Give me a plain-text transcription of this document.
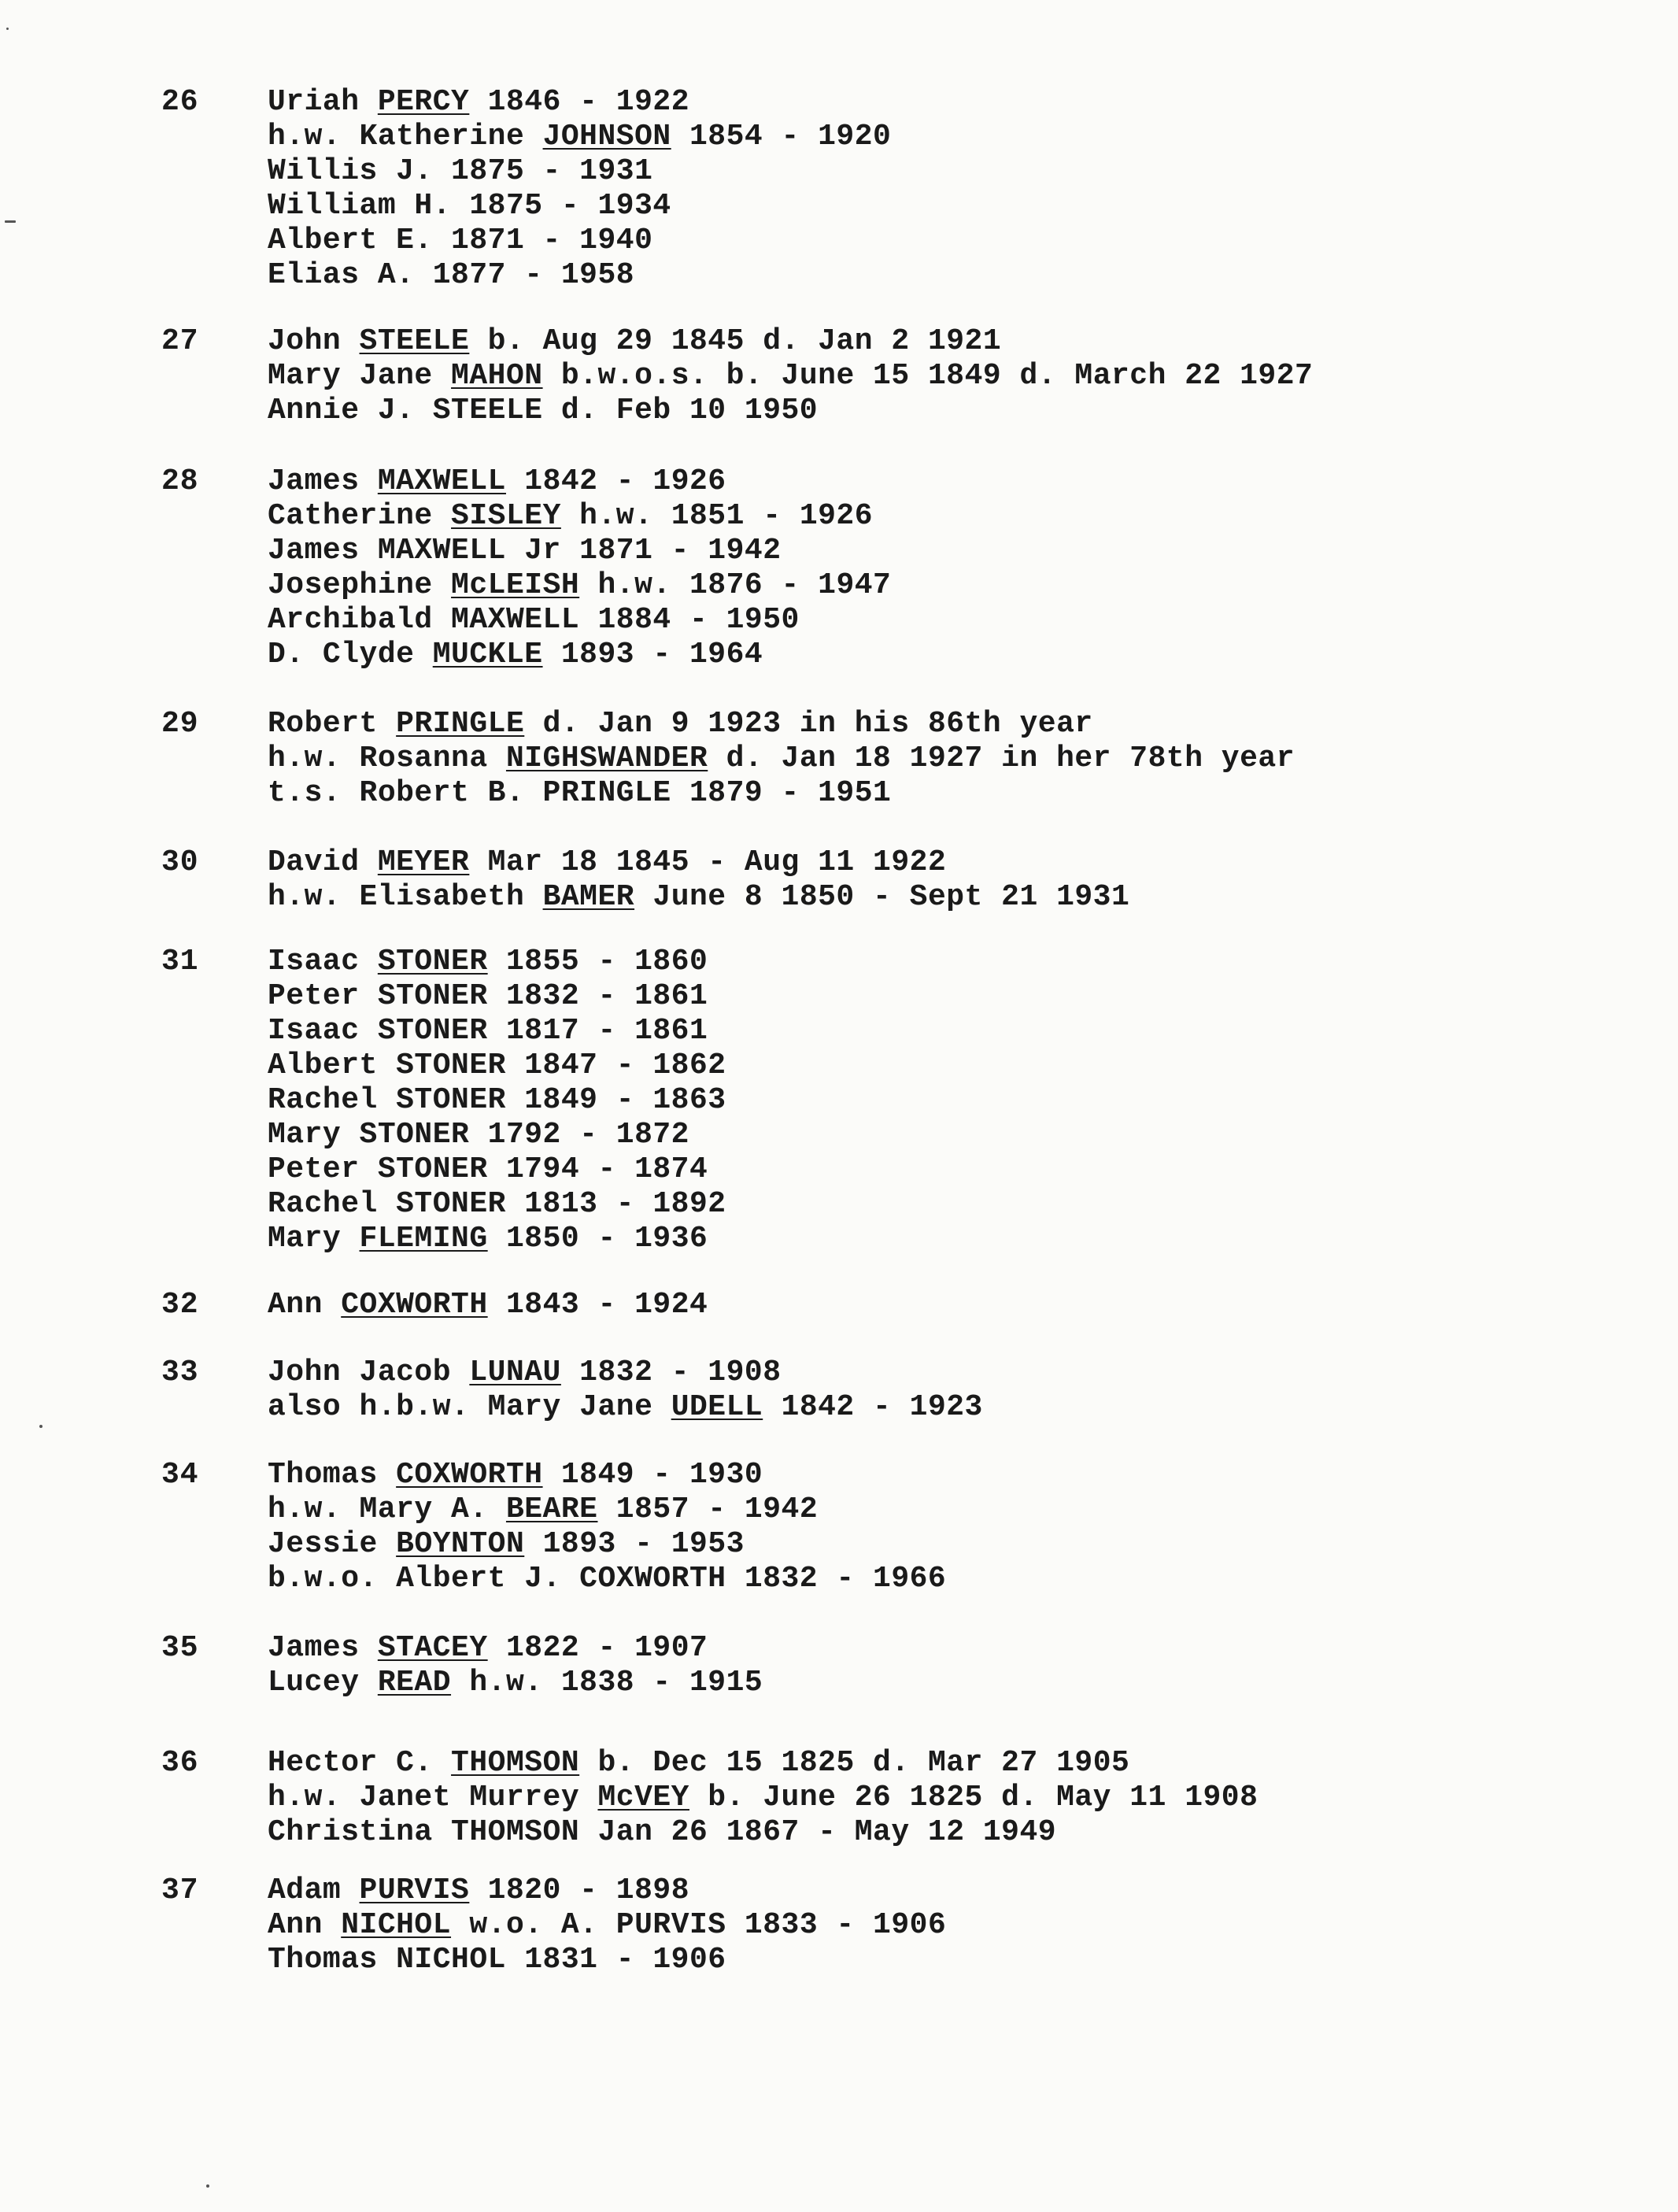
26 Uriah PERCY 1846 - 1922
h.w. Katherine JOHNSON 1854 - 1920
Willis J. 1875 - 1931
William H. 1875 - 1934
Albert E. 1871 - 1940
Elias A. 1877 - 1958
27 John STEELE b. Aug 29 1845 d. Jan 2 1921
Mary Jane MAHON b.w.o.s. b. June 15 1849 d. March 22 1927
Annie J. STEELE d. Feb 10 1950
28 James MAXWELL 1842 - 1926
Catherine SISLEY h.w. 1851 - 1926
James MAXWELL Jr 1871 - 1942
Josephine McLEISH h.w. 1876 - 1947
Archibald MAXWELL 1884 - 1950
D. Clyde MUCKLE 1893 - 1964
29 Robert PRINGLE d. Jan 9 1923 in his 86th year
h.w. Rosanna NIGHSWANDER d. Jan 18 1927 in her 78th year
t.s. Robert B. PRINGLE 1879 - 1951
30 David MEYER Mar 18 1845 - Aug 11 1922
h.w. Elisabeth BAMER June 8 1850 - Sept 21 1931
31 Isaac STONER 1855 - 1860
Peter STONER 1832 - 1861
Isaac STONER 1817 - 1861
Albert STONER 1847 - 1862
Rachel STONER 1849 - 1863
Mary STONER 1792 - 1872
Peter STONER 1794 - 1874
Rachel STONER 1813 - 1892
Mary FLEMING 1850 - 1936
32 Ann COXWORTH 1843 - 1924
33 John Jacob LUNAU 1832 - 1908
also h.b.w. Mary Jane UDELL 1842 - 1923
34 Thomas COXWORTH 1849 - 1930
h.w. Mary A. BEARE 1857 - 1942
Jessie BOYNTON 1893 - 1953
b.w.o. Albert J. COXWORTH 1832 - 1966
35 James STACEY 1822 - 1907
Lucey READ h.w. 1838 - 1915
36 Hector C. THOMSON b. Dec 15 1825 d. Mar 27 1905
h.w. Janet Murrey McVEY b. June 26 1825 d. May 11 1908
Christina THOMSON Jan 26 1867 - May 12 1949
37 Adam PURVIS 1820 - 1898
Ann NICHOL w.o. A. PURVIS 1833 - 1906
Thomas NICHOL 1831 - 1906
